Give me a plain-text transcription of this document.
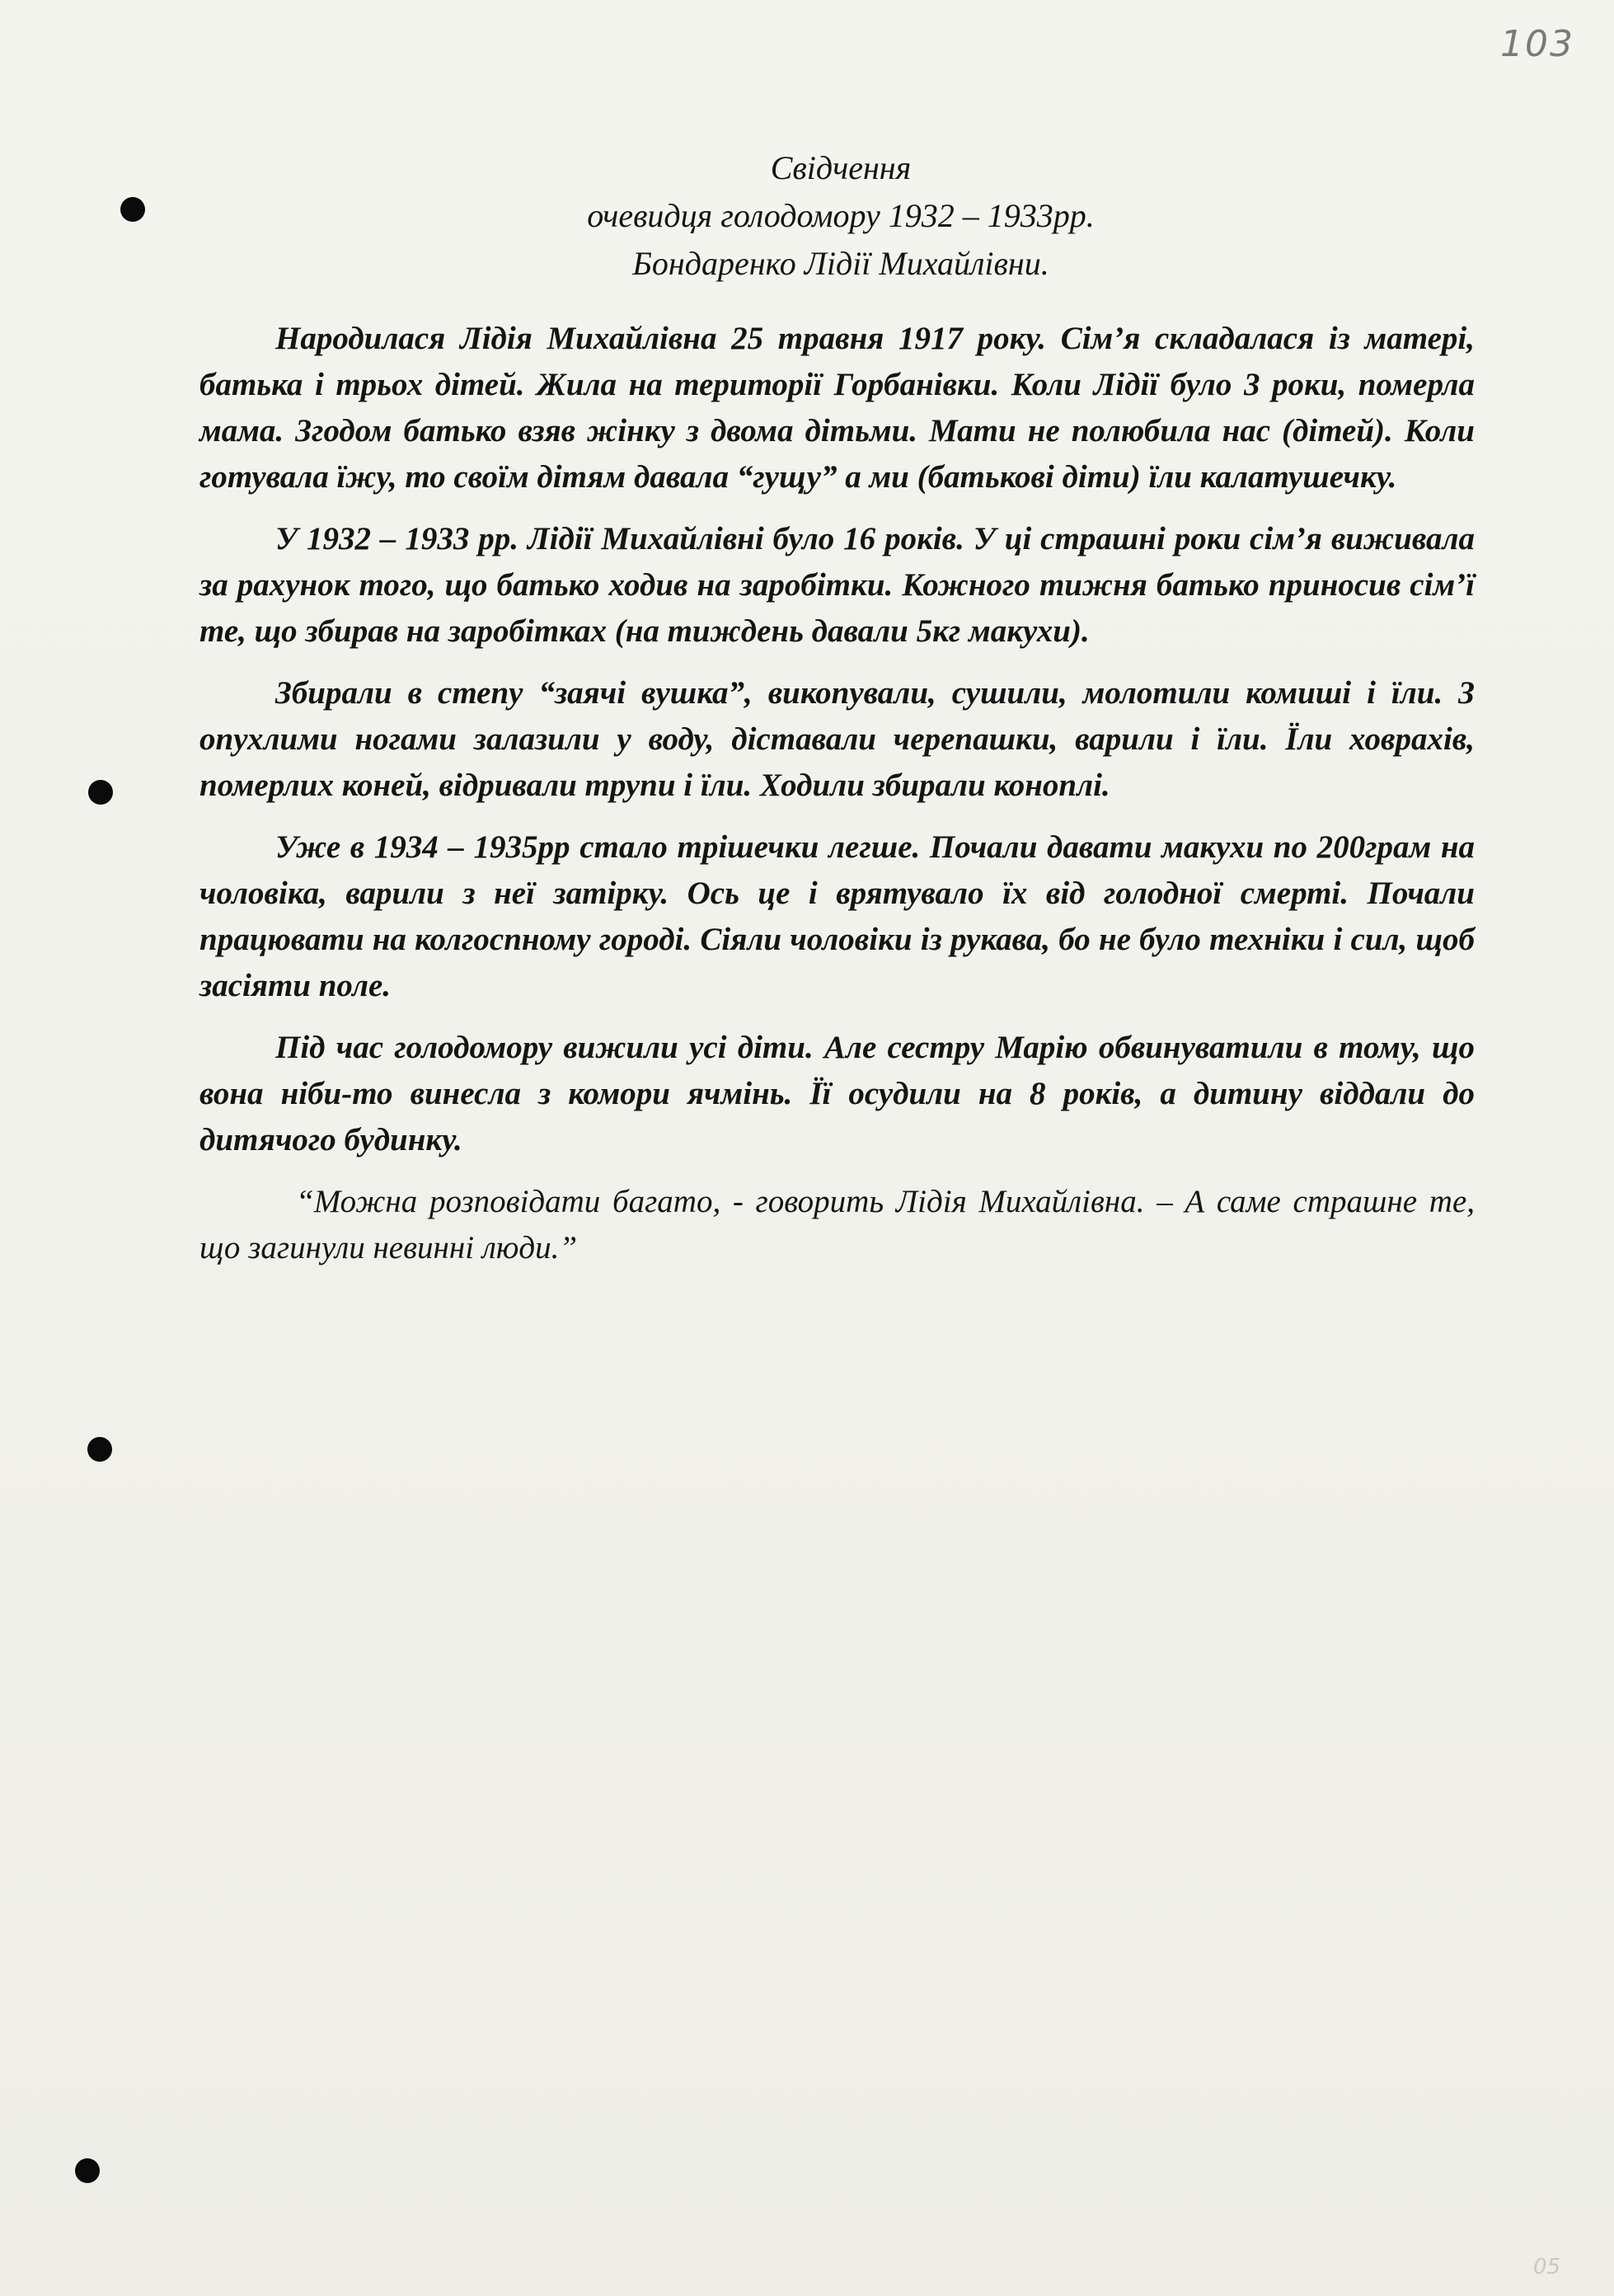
103
05
Свідчення
очевидця голодомору 1932 – 1933рр.
Бондаренко Лідії Михайлівни.

Народилася Лідія Михайлівна 25 травня 1917 року. Сім’я складалася із матері, батька і трьох дітей. Жила на території Горбанівки. Коли Лідії було 3 роки, померла мама. Згодом батько взяв жінку з двома дітьми. Мати не полюбила нас (дітей). Коли готувала їжу, то своїм дітям давала “гущу” а ми (батькові діти) їли калатушечку.

У 1932 – 1933 рр. Лідії Михайлівні було 16 років. У ці страшні роки сім’я виживала за рахунок того, що батько ходив на заробітки. Кожного тижня батько приносив сім’ї те, що збирав на заробітках (на тиждень давали 5кг макухи).

Збирали в степу “заячі вушка”, викопували, сушили, молотили комиші і їли. З опухлими ногами залазили у воду, діставали черепашки, варили і їли. Їли ховрахів, померлих коней, відривали трупи і їли. Ходили збирали коноплі.

Уже в 1934 – 1935рр стало трішечки легше. Почали давати макухи по 200грам на чоловіка, варили з неї затірку. Ось це і врятувало їх від голодної смерті. Почали працювати на колгоспному городі. Сіяли чоловіки із рукава, бо не було техніки і сил, щоб засіяти поле.

Під час голодомору вижили усі діти. Але сестру Марію обвинуватили в тому, що вона ніби-то винесла з комори ячмінь. Її осудили на 8 років, а дитину віддали до дитячого будинку.

“Можна розповідати багато, - говорить Лідія Михайлівна. – А саме страшне те, що загинули невинні люди.”
